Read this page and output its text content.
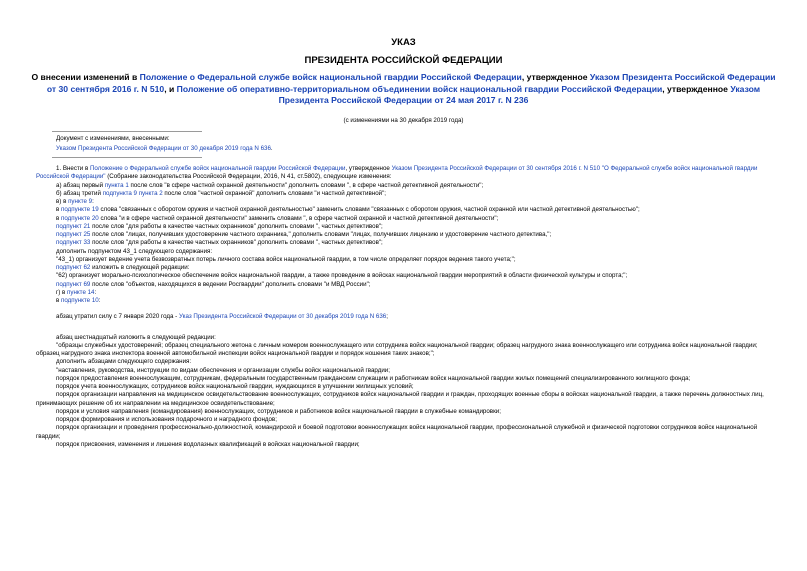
УКАЗ
ПРЕЗИДЕНТА РОССИЙСКОЙ ФЕДЕРАЦИИ
О внесении изменений в Положение о Федеральной службе войск национальной гвардии Российской Федерации, утвержденное Указом Президента Российской Федерации от 30 сентября 2016 г. N 510, и Положение об оперативно-территориальном объединении войск национальной гвардии Российской Федерации, утвержденное Указом Президента Российской Федерации от 24 мая 2017 г. N 236
(с изменениями на 30 декабря 2019 года)
Документ с изменениями, внесенными:
Указом Президента Российской Федерации от 30 декабря 2019 года N 636.

1. Внести в Положение о Федеральной службе войск национальной гвардии Российской Федерации, утвержденное Указом Президента Российской Федерации от 30 сентября 2016 г. N 510 "О Федеральной службе войск национальной гвардии Российской Федерации" (Собрание законодательства Российской Федерации, 2016, N 41, ст.5802), следующие изменения:

а) абзац первый пункта 1 после слов "в сфере частной охранной деятельности" дополнить словами ", в сфере частной детективной деятельности";

б) абзац третий подпункта 9 пункта 2 после слов "частной охранной" дополнить словами "и частной детективной";

в) в пункте 9:

в подпункте 19 слова "связанных с оборотом оружия и частной охранной деятельностью" заменить словами "связанных с оборотом оружия, частной охранной или частной детективной деятельностью";

в подпункте 20 слова "и в сфере частной охранной деятельности" заменить словами ", в сфере частной охранной и частной детективной деятельности";

подпункт 21 после слов "для работы в качестве частных охранников" дополнить словами ", частных детективов";

подпункт 25 после слов "лицах, получивших удостоверение частного охранника," дополнить словами "лицах, получивших лицензию и удостоверение частного детектива,";

подпункт 33 после слов "для работы в качестве частных охранников" дополнить словами ", частных детективов";

дополнить подпунктом 43_1 следующего содержания:

"43_1) организует ведение учета безвозвратных потерь личного состава войск национальной гвардии, в том числе определяет порядок ведения такого учета;";

подпункт 62 изложить в следующей редакции:

"62) организует морально-психологическое обеспечение войск национальной гвардии, а также проведение в войсках национальной гвардии мероприятий в области физической культуры и спорта;";

подпункт 69 после слов "объектов, находящихся в ведении Росгвардии" дополнить словами "и МВД России";

г) в пункте 14:

в подпункте 10:

абзац утратил силу с 7 января 2020 года - Указ Президента Российской Федерации от 30 декабря 2019 года N 636;

абзац шестнадцатый изложить в следующей редакции:

"образцы служебных удостоверений; образец специального жетона с личным номером военнослужащего или сотрудника войск национальной гвардии; образец нагрудного знака военнослужащего или сотрудника войск национальной гвардии; образец нагрудного знака инспектора военной автомобильной инспекции войск национальной гвардии и порядок ношения таких знаков;";

дополнить абзацами следующего содержания:

"наставления, руководства, инструкции по видам обеспечения и организации службы войск национальной гвардии;

порядок предоставления военнослужащим, сотрудникам, федеральным государственным гражданским служащим и работникам войск национальной гвардии жилых помещений специализированного жилищного фонда;

порядок учета военнослужащих, сотрудников войск национальной гвардии, нуждающихся в улучшении жилищных условий;

порядок организации направления на медицинское освидетельствование военнослужащих, сотрудников войск национальной гвардии и граждан, проходящих военные сборы в войсках национальной гвардии, а также перечень должностных лиц, принимающих решение об их направлении на медицинское освидетельствование;

порядок и условия направления (командирования) военнослужащих, сотрудников и работников войск национальной гвардии в служебные командировки;

порядок формирования и использования подарочного и наградного фондов;

порядок организации и проведения профессионально-должностной, командирской и боевой подготовки военнослужащих войск национальной гвардии, профессиональной служебной и физической подготовки сотрудников войск национальной гвардии;

порядок присвоения, изменения и лишения водолазных квалификаций в войсках национальной гвардии;
